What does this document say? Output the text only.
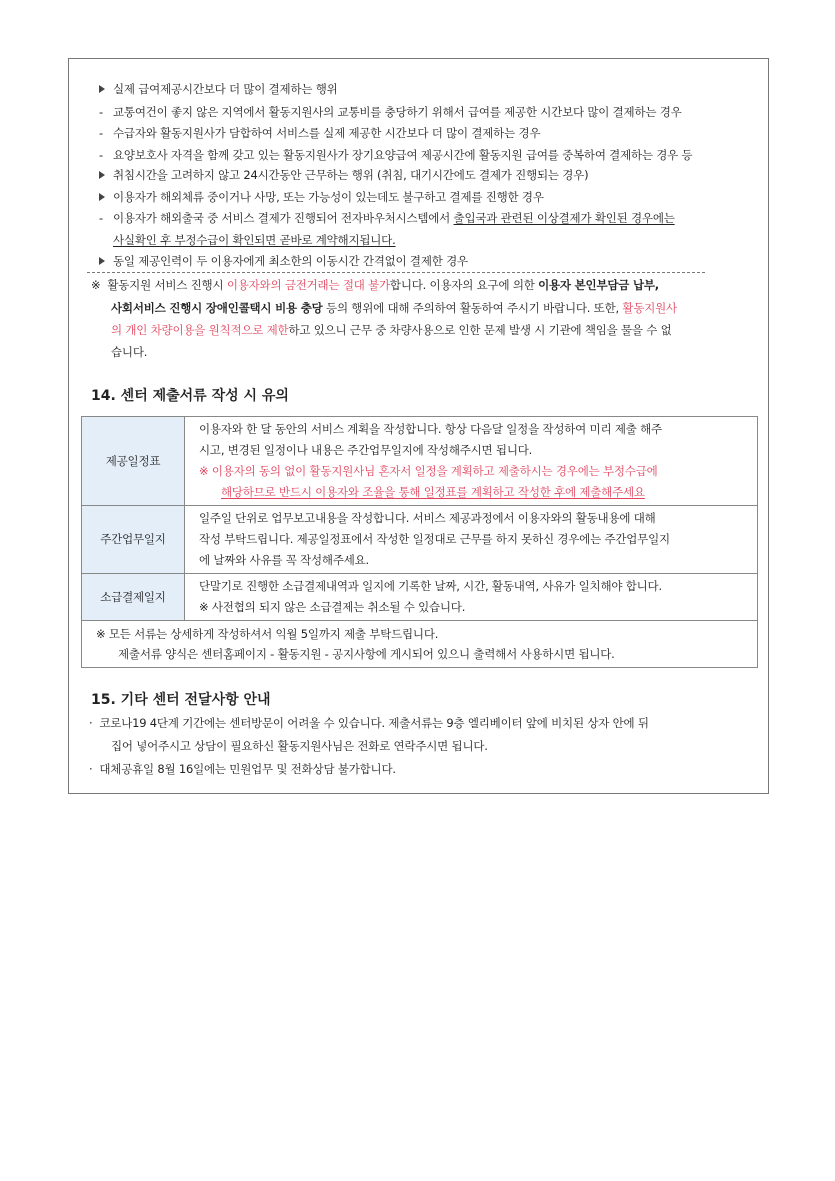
실제 급여제공시간보다 더 많이 결제하는 행위
- 교통여건이 좋지 않은 지역에서 활동지원사의 교통비를 충당하기 위해서 급여를 제공한 시간보다 많이 결제하는 경우
- 수급자와 활동지원사가 담합하여 서비스를 실제 제공한 시간보다 더 많이 결제하는 경우
- 요양보호사 자격을 함께 갖고 있는 활동지원사가 장기요양급여 제공시간에 활동지원 급여를 중복하여 결제하는 경우 등
취침시간을 고려하지 않고 24시간동안 근무하는 행위 (취침, 대기시간에도 결제가 진행되는 경우)
이용자가 해외체류 중이거나 사망, 또는 가능성이 있는데도 불구하고 결제를 진행한 경우
- 이용자가 해외출국 중 서비스 결제가 진행되어 전자바우처시스템에서 출입국과 관련된 이상결제가 확인된 경우에는
사실확인 후 부정수급이 확인되면 곧바로 계약해지됩니다.
동일 제공인력이 두 이용자에게 최소한의 이동시간 간격없이 결제한 경우
※ 활동지원 서비스 진행시 이용자와의 금전거래는 절대 불가합니다. 이용자의 요구에 의한 이용자 본인부담금 납부,
사회서비스 진행시 장애인콜택시 비용 충당 등의 행위에 대해 주의하여 활동하여 주시기 바랍니다. 또한, 활동지원사
의 개인 차량이용을 원칙적으로 제한하고 있으니 근무 중 차량사용으로 인한 문제 발생 시 기관에 책임을 물을 수 없
습니다.
14. 센터 제출서류 작성 시 유의
제공일정표	이용자와 한 달 동안의 서비스 계획을 작성합니다. 항상 다음달 일정을 작성하여 미리 제출 해주
시고, 변경된 일정이나 내용은 주간업무일지에 작성해주시면 됩니다.
※ 이용자의 동의 없이 활동지원사님 혼자서 일정을 계획하고 제출하시는 경우에는 부정수급에
해당하므로 반드시 이용자와 조율을 통해 일정표를 계획하고 작성한 후에 제출해주세요

주간업무일지	일주일 단위로 업무보고내용을 작성합니다. 서비스 제공과정에서 이용자와의 활동내용에 대해
작성 부탁드립니다. 제공일정표에서 작성한 일정대로 근무를 하지 못하신 경우에는 주간업무일지
에 날짜와 사유를 꼭 작성해주세요.

소급결제일지	단말기로 진행한 소급결제내역과 일지에 기록한 날짜, 시간, 활동내역, 사유가 일치해야 합니다.
※ 사전협의 되지 않은 소급결제는 취소될 수 있습니다.

※ 모든 서류는 상세하게 작성하셔서 익월 5일까지 제출 부탁드립니다.
제출서류 양식은 센터홈페이지 - 활동지원 - 공지사항에 게시되어 있으니 출력해서 사용하시면 됩니다.	
15. 기타 센터 전달사항 안내
· 코로나19 4단계 기간에는 센터방문이 어려울 수 있습니다. 제출서류는 9층 엘리베이터 앞에 비치된 상자 안에 뒤
집어 넣어주시고 상담이 필요하신 활동지원사님은 전화로 연락주시면 됩니다.
· 대체공휴일 8월 16일에는 민원업무 및 전화상담 불가합니다.
